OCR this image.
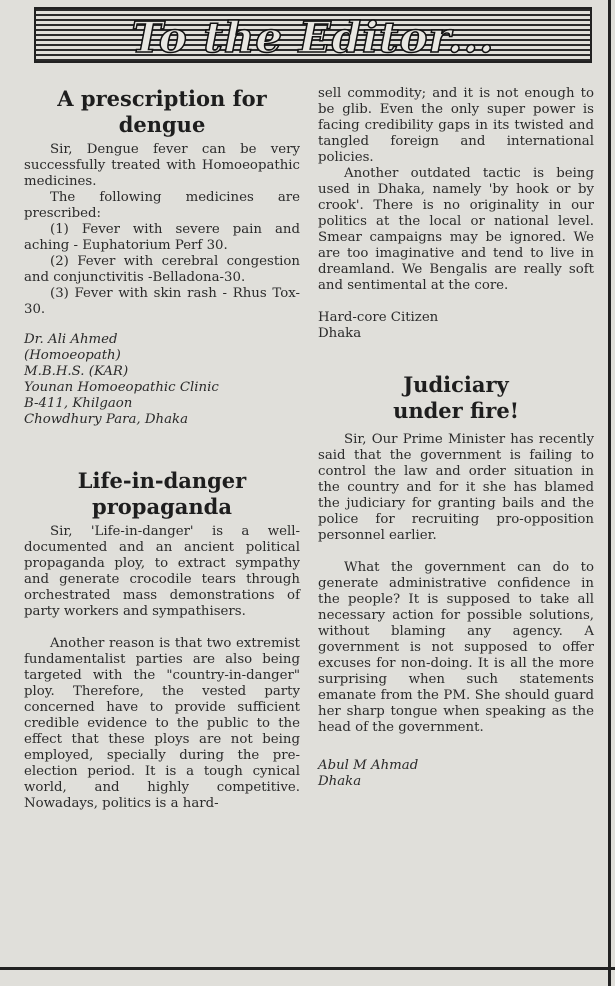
To the Editor...
A prescription for
dengue

Sir, Dengue fever can be very successfully treated with Homoeopathic medicines.

The following medicines are prescribed:

(1) Fever with severe pain and aching - Euphatorium Perf 30.

(2) Fever with cerebral congestion and conjunctivitis -Belladona-30.

(3) Fever with skin rash - Rhus Tox-30.

Dr. Ali Ahmed
(Homoeopath)
M.B.H.S. (KAR)
Younan Homoeopathic Clinic
B-411, Khilgaon
Chowdhury Para, Dhaka
Life-in-danger
propaganda

Sir, 'Life-in-danger' is a well-documented and an ancient political propaganda ploy, to extract sympathy and generate crocodile tears through orchestrated mass demonstrations of party workers and sympathisers.

Another reason is that two extremist fundamentalist parties are also being targeted with the "country-in-danger" ploy. Therefore, the vested party concerned have to provide sufficient credible evidence to the public to the effect that these ploys are not being employed, specially during the pre-election period. It is a tough cynical world, and highly competitive. Nowadays, politics is a hard-

sell commodity; and it is not enough to be glib. Even the only super power is facing credibility gaps in its twisted and tangled foreign and international policies.

Another outdated tactic is being used in Dhaka, namely 'by hook or by crook'. There is no originality in our politics at the local or national level. Smear campaigns may be ignored. We are too imaginative and tend to live in dreamland. We Bengalis are really soft and sentimental at the core.

Hard-core Citizen
Dhaka
Judiciary
under fire!

Sir, Our Prime Minister has recently said that the government is failing to control the law and order situation in the country and for it she has blamed the judiciary for granting bails and the police for recruiting pro-opposition personnel earlier.

What the government can do to generate administrative confidence in the people? It is supposed to take all necessary action for possible solutions, without blaming any agency. A government is not supposed to offer excuses for non-doing. It is all the more surprising when such statements emanate from the PM. She should guard her sharp tongue when speaking as the head of the government.

Abul M Ahmad
Dhaka
